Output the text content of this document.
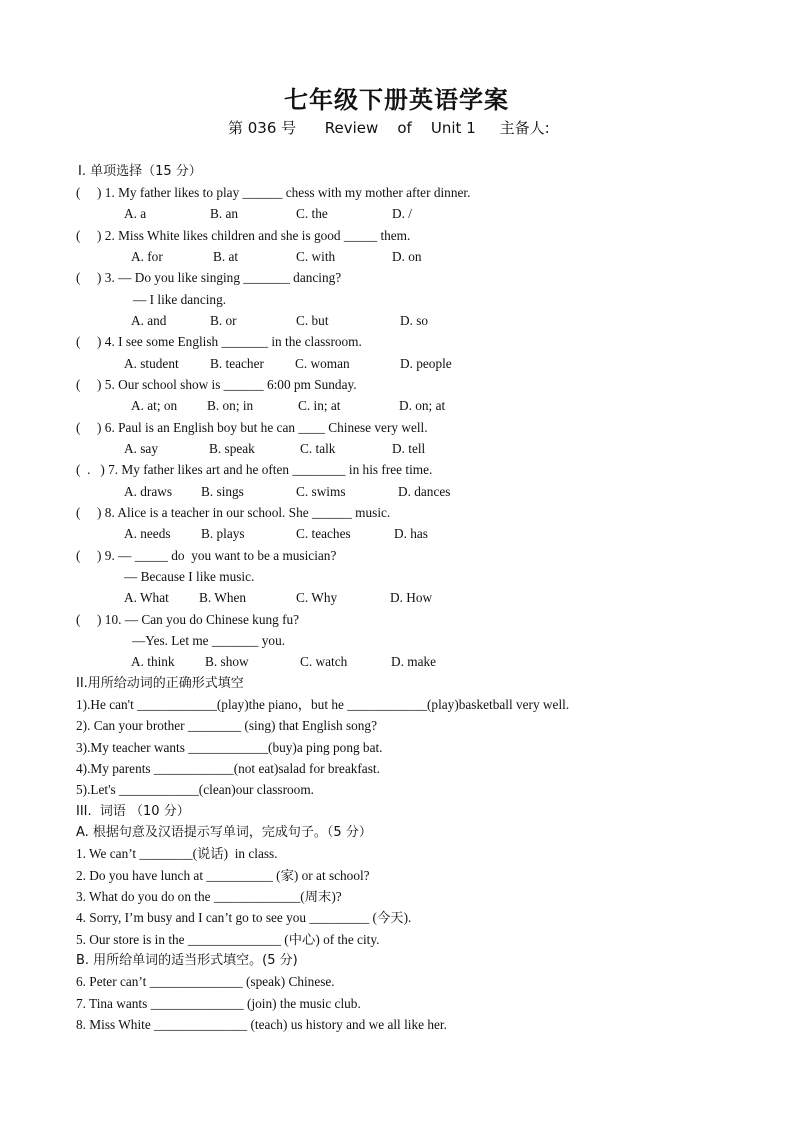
七年级下册英语学案
第 036 号      Review    of    Unit 1     主备人:
I. 单项选择（15 分）
(     ) 1. My father likes to play ______ chess with my mother after dinner.
A. a	B. an	C. the	D. /
(     ) 2. Miss White likes children and she is good _____ them.
A. for	B. at	C. with	D. on
(     ) 3. — Do you like singing _______ dancing?
— I like dancing.
A. and	B. or	C. but	D. so
(     ) 4. I see some English _______ in the classroom.
A. student B. teacher C. woman	D. people
(     ) 5. Our school show is ______ 6:00 pm Sunday.
A. at; on B. on; in	C. in; at	D. on; at
(     ) 6. Paul is an English boy but he can ____ Chinese very well.
A. say	B. speak	C. talk	D. tell
(  .   ) 7. My father likes art and he often ________ in his free time.
A. draws B. sings	C. swims	D. dances
(     ) 8. Alice is a teacher in our school. She ______ music.
A. needs B. plays	C. teaches	D. has
(     ) 9. — _____ do  you want to be a musician?
— Because I like music.
A. What B. When	C. Why	D. How
(     ) 10. — Can you do Chinese kung fu?
—Yes. Let me _______ you.
A. think B. show	C. watch	D. make
II.用所给动词的正确形式填空
1).He can't ____________(play)the piano，but he ____________(play)basketball very well.
2). Can your brother ________ (sing) that English song?
3).My teacher wants ____________(buy)a ping pong bat.
4).My parents ____________(not eat)salad for breakfast.
5).Let's ____________(clean)our classroom.
III.  词语 （10 分）
A. 根据句意及汉语提示写单词，完成句子。（5 分）
1. We can’t ________(说话)  in class.
2. Do you have lunch at __________ (家) or at school?
3. What do you do on the _____________(周末)?
4. Sorry, I’m busy and I can’t go to see you _________ (今天).
5. Our store is in the ______________ (中心) of the city.
B. 用所给单词的适当形式填空。(5 分)
6. Peter can’t ______________ (speak) Chinese.
7. Tina wants ______________ (join) the music club.
8. Miss White ______________ (teach) us history and we all like her.
